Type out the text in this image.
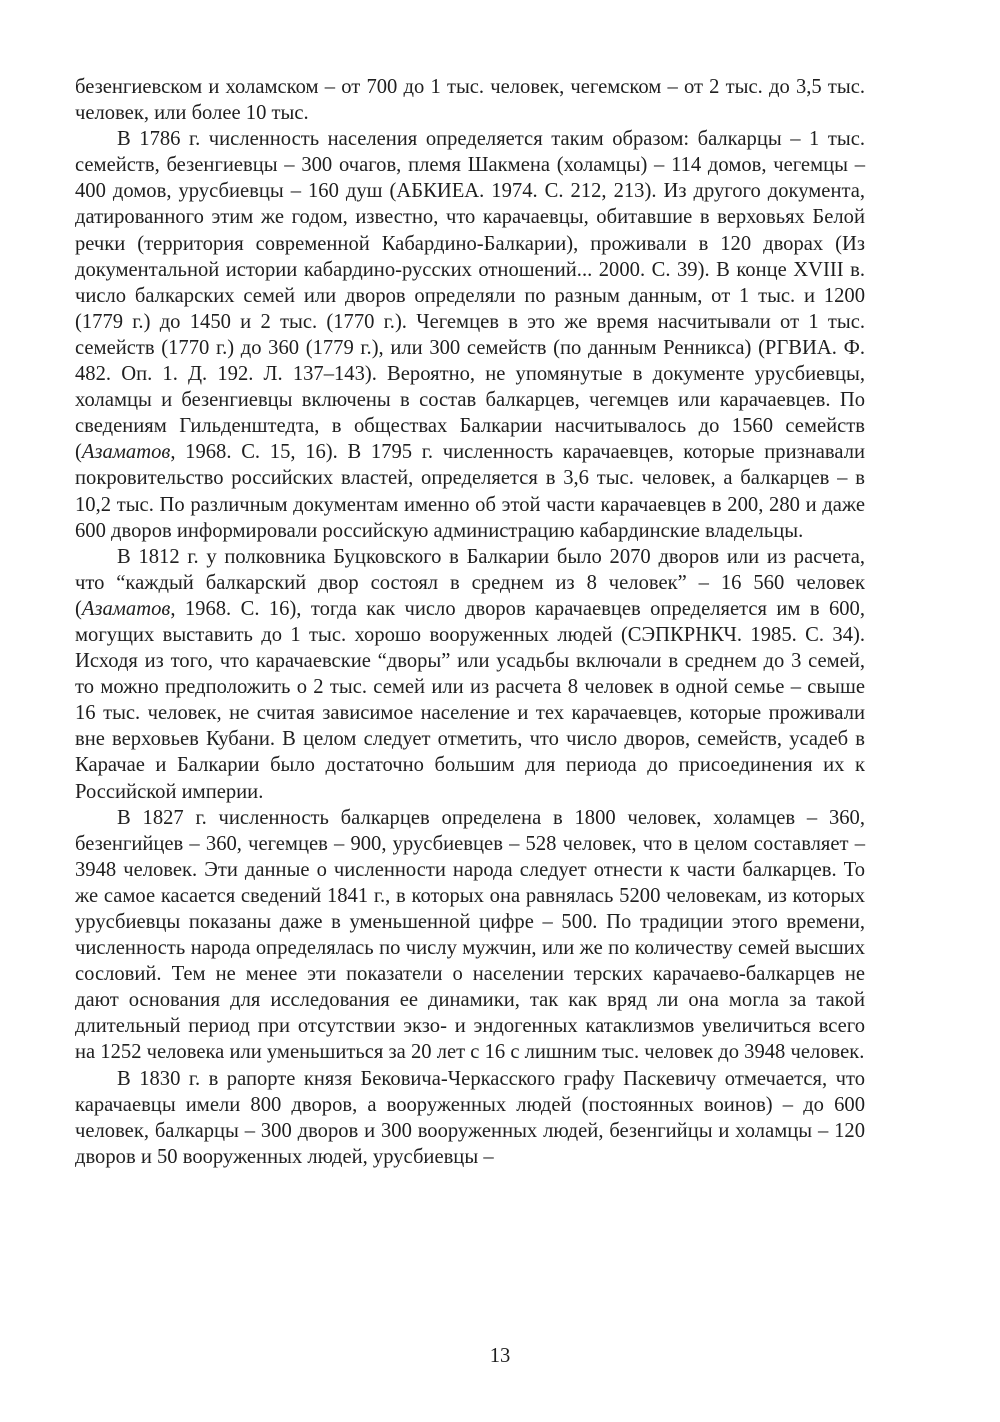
безенгиевском и холамском – от 700 до 1 тыс. человек, чегемском – от 2 тыс. до 3,5 тыс. человек, или более 10 тыс.

В 1786 г. численность населения определяется таким образом: балкарцы – 1 тыс. семейств, безенгиевцы – 300 очагов, племя Шакмена (холамцы) – 114 домов, чегемцы – 400 домов, урусбиевцы – 160 душ (АБКИЕА. 1974. С. 212, 213). Из другого документа, датированного этим же годом, известно, что карачаевцы, обитавшие в верховьях Белой речки (территория современной Кабардино-Балкарии), проживали в 120 дворах (Из документальной истории кабардино-русских отношений... 2000. С. 39). В конце XVIII в. число балкарских семей или дворов определяли по разным данным, от 1 тыс. и 1200 (1779 г.) до 1450 и 2 тыс. (1770 г.). Чегемцев в это же время насчитывали от 1 тыс. семейств (1770 г.) до 360 (1779 г.), или 300 семейств (по данным Ренникса) (РГВИА. Ф. 482. Оп. 1. Д. 192. Л. 137–143). Вероятно, не упомянутые в документе урусбиевцы, холамцы и безенгиевцы включены в состав балкарцев, чегемцев или карачаевцев. По сведениям Гильденштедта, в обществах Балкарии насчитывалось до 1560 семейств (Азаматов, 1968. С. 15, 16). В 1795 г. численность карачаевцев, которые признавали покровительство российских властей, определяется в 3,6 тыс. человек, а балкарцев – в 10,2 тыс. По различным документам именно об этой части карачаевцев в 200, 280 и даже 600 дворов информировали российскую администрацию кабардинские владельцы.

В 1812 г. у полковника Буцковского в Балкарии было 2070 дворов или из расчета, что “каждый балкарский двор состоял в среднем из 8 человек” – 16 560 человек (Азаматов, 1968. С. 16), тогда как число дворов карачаевцев определяется им в 600, могущих выставить до 1 тыс. хорошо вооруженных людей (СЭПКРНКЧ. 1985. С. 34). Исходя из того, что карачаевские “дворы” или усадьбы включали в среднем до 3 семей, то можно предположить о 2 тыс. семей или из расчета 8 человек в одной семье – свыше 16 тыс. человек, не считая зависимое население и тех карачаевцев, которые проживали вне верховьев Кубани. В целом следует отметить, что число дворов, семейств, усадеб в Карачае и Балкарии было достаточно большим для периода до присоединения их к Российской империи.

В 1827 г. численность балкарцев определена в 1800 человек, холамцев – 360, безенгийцев – 360, чегемцев – 900, урусбиевцев – 528 человек, что в целом составляет – 3948 человек. Эти данные о численности народа следует отнести к части балкарцев. То же самое касается сведений 1841 г., в которых она равнялась 5200 человекам, из которых урусбиевцы показаны даже в уменьшенной цифре – 500. По традиции этого времени, численность народа определялась по числу мужчин, или же по количеству семей высших сословий. Тем не менее эти показатели о населении терских карачаево-балкарцев не дают основания для исследования ее динамики, так как вряд ли она могла за такой длительный период при отсутствии экзо- и эндогенных катаклизмов увеличиться всего на 1252 человека или уменьшиться за 20 лет с 16 с лишним тыс. человек до 3948 человек.

В 1830 г. в рапорте князя Бековича-Черкасского графу Паскевичу отмечается, что карачаевцы имели 800 дворов, а вооруженных людей (постоянных воинов) – до 600 человек, балкарцы – 300 дворов и 300 вооруженных людей, безенгийцы и холамцы – 120 дворов и 50 вооруженных людей, урусбиевцы –

13
